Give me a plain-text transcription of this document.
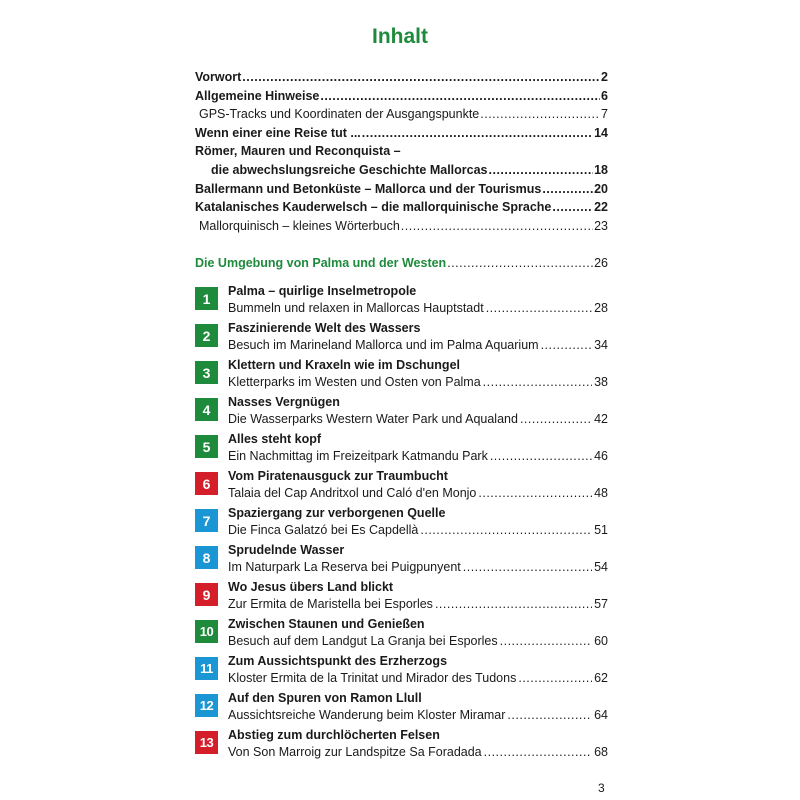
Inhalt
Vorwort .....	2
Allgemeine Hinweise .....	6
GPS-Tracks und Koordinaten der Ausgangspunkte .....	7
Wenn einer eine Reise tut ... .....	14
Römer, Mauren und Reconquista –
die abwechslungsreiche Geschichte Mallorcas .....	18
Ballermann und Betonküste – Mallorca und der Tourismus .....	20
Katalanisches Kauderwelsch – die mallorquinische Sprache .....	22
Mallorquinisch – kleines Wörterbuch .....	23
Die Umgebung von Palma und der Westen .....	26
1	Palma – quirlige Inselmetropole
Bummeln und relaxen in Mallorcas Hauptstadt .....	28
2	Faszinierende Welt des Wassers
Besuch im Marineland Mallorca und im Palma Aquarium .....	34
3	Klettern und Kraxeln wie im Dschungel
Kletterparks im Westen und Osten von Palma .....	38
4	Nasses Vergnügen
Die Wasserparks Western Water Park und Aqualand .....	42
5	Alles steht kopf
Ein Nachmittag im Freizeitpark Katmandu Park .....	46
6	Vom Piratenausguck zur Traumbucht
Talaia del Cap Andritxol und Caló d'en Monjo .....	48
7	Spaziergang zur verborgenen Quelle
Die Finca Galatzó bei Es Capdellà .....	51
8	Sprudelnde Wasser
Im Naturpark La Reserva bei Puigpunyent .....	54
9	Wo Jesus übers Land blickt
Zur Ermita de Maristella bei Esporles .....	57
10	Zwischen Staunen und Genießen
Besuch auf dem Landgut La Granja bei Esporles .....	60
11	Zum Aussichtspunkt des Erzherzogs
Kloster Ermita de la Trinitat und Mirador des Tudons .....	62
12	Auf den Spuren von Ramon Llull
Aussichtsreiche Wanderung beim Kloster Miramar .....	64
13	Abstieg zum durchlöcherten Felsen
Von Son Marroig zur Landspitze Sa Foradada .....	68
3
